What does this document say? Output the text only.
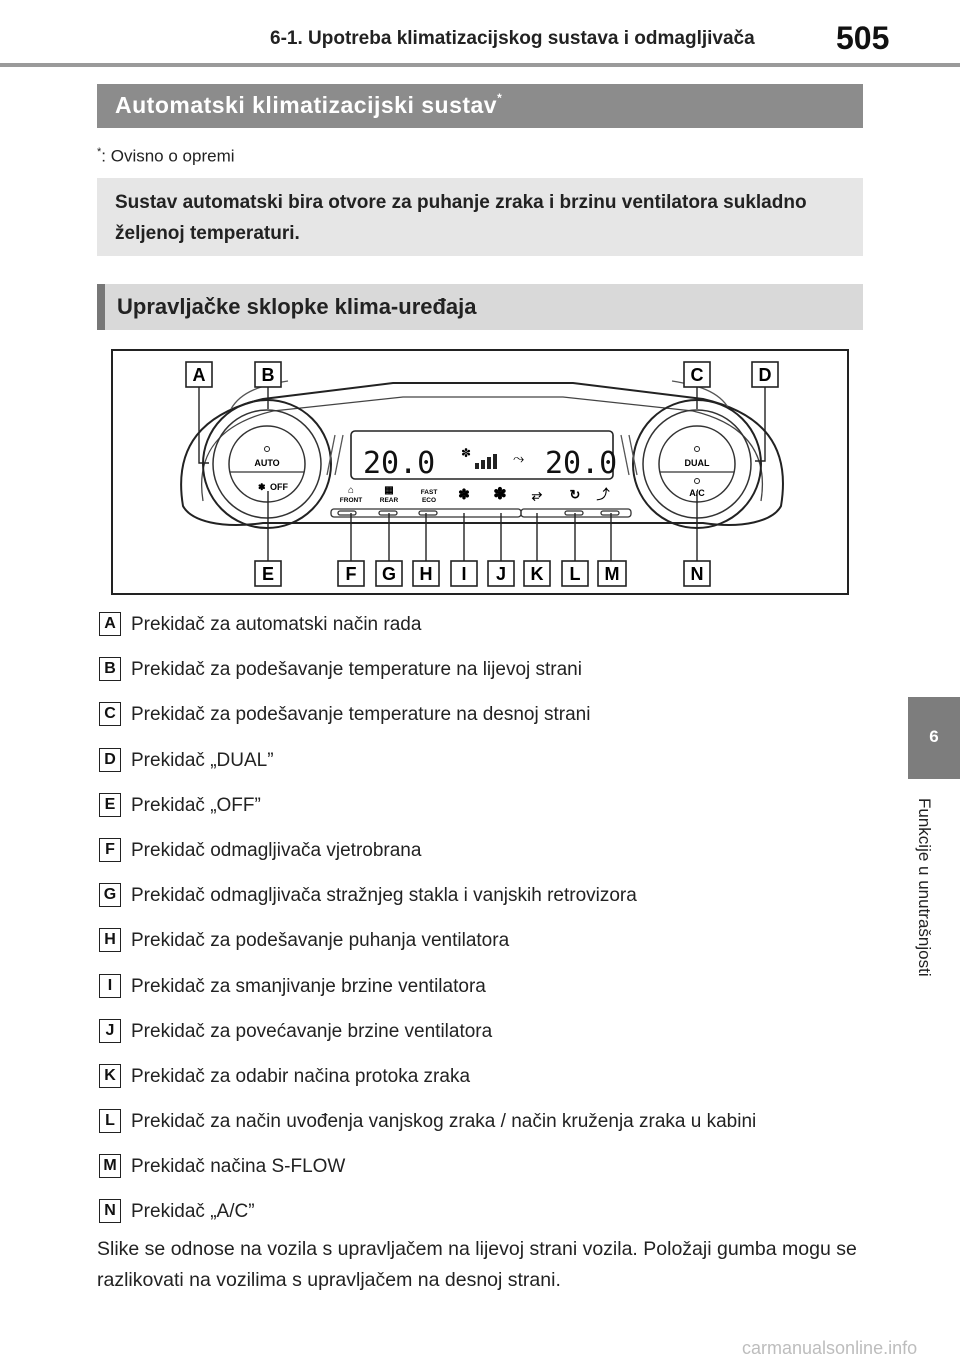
6-1. Upotreba klimatizacijskog sustava i odmagljivača	505
6
Funkcije u unutrašnjosti
Automatski klimatizacijski sustav*
*: Ovisno o opremi
Sustav automatski bira otvore za puhanje zraka i brzinu ventilatora sukladno željenoj temperaturi.
Upravljačke sklopke klima-uređaja
AUTO
✽ OFF
DUAL
A/C
20.0 ✽	⤳ 20.0
⌂
FRONT
▦
REAR
FAST
ECO ✽ ✽ ⥂ ↻ ⤴
A	B	C	D
E	F G H I J K L M	N
A Prekidač za automatski način rada
B Prekidač za podešavanje temperature na lijevoj strani
C Prekidač za podešavanje temperature na desnoj strani
D Prekidač „DUAL”
E Prekidač „OFF”
F Prekidač odmagljivača vjetrobrana
G Prekidač odmagljivača stražnjeg stakla i vanjskih retrovizora
H Prekidač za podešavanje puhanja ventilatora
I Prekidač za smanjivanje brzine ventilatora
J Prekidač za povećavanje brzine ventilatora
K Prekidač za odabir načina protoka zraka
L Prekidač za način uvođenja vanjskog zraka / način kruženja zraka u kabini
M Prekidač načina S-FLOW
N Prekidač „A/C”
Slike se odnose na vozila s upravljačem na lijevoj strani vozila. Položaji gumba mogu se razlikovati na vozilima s upravljačem na desnoj strani.
carmanualsonline.info
